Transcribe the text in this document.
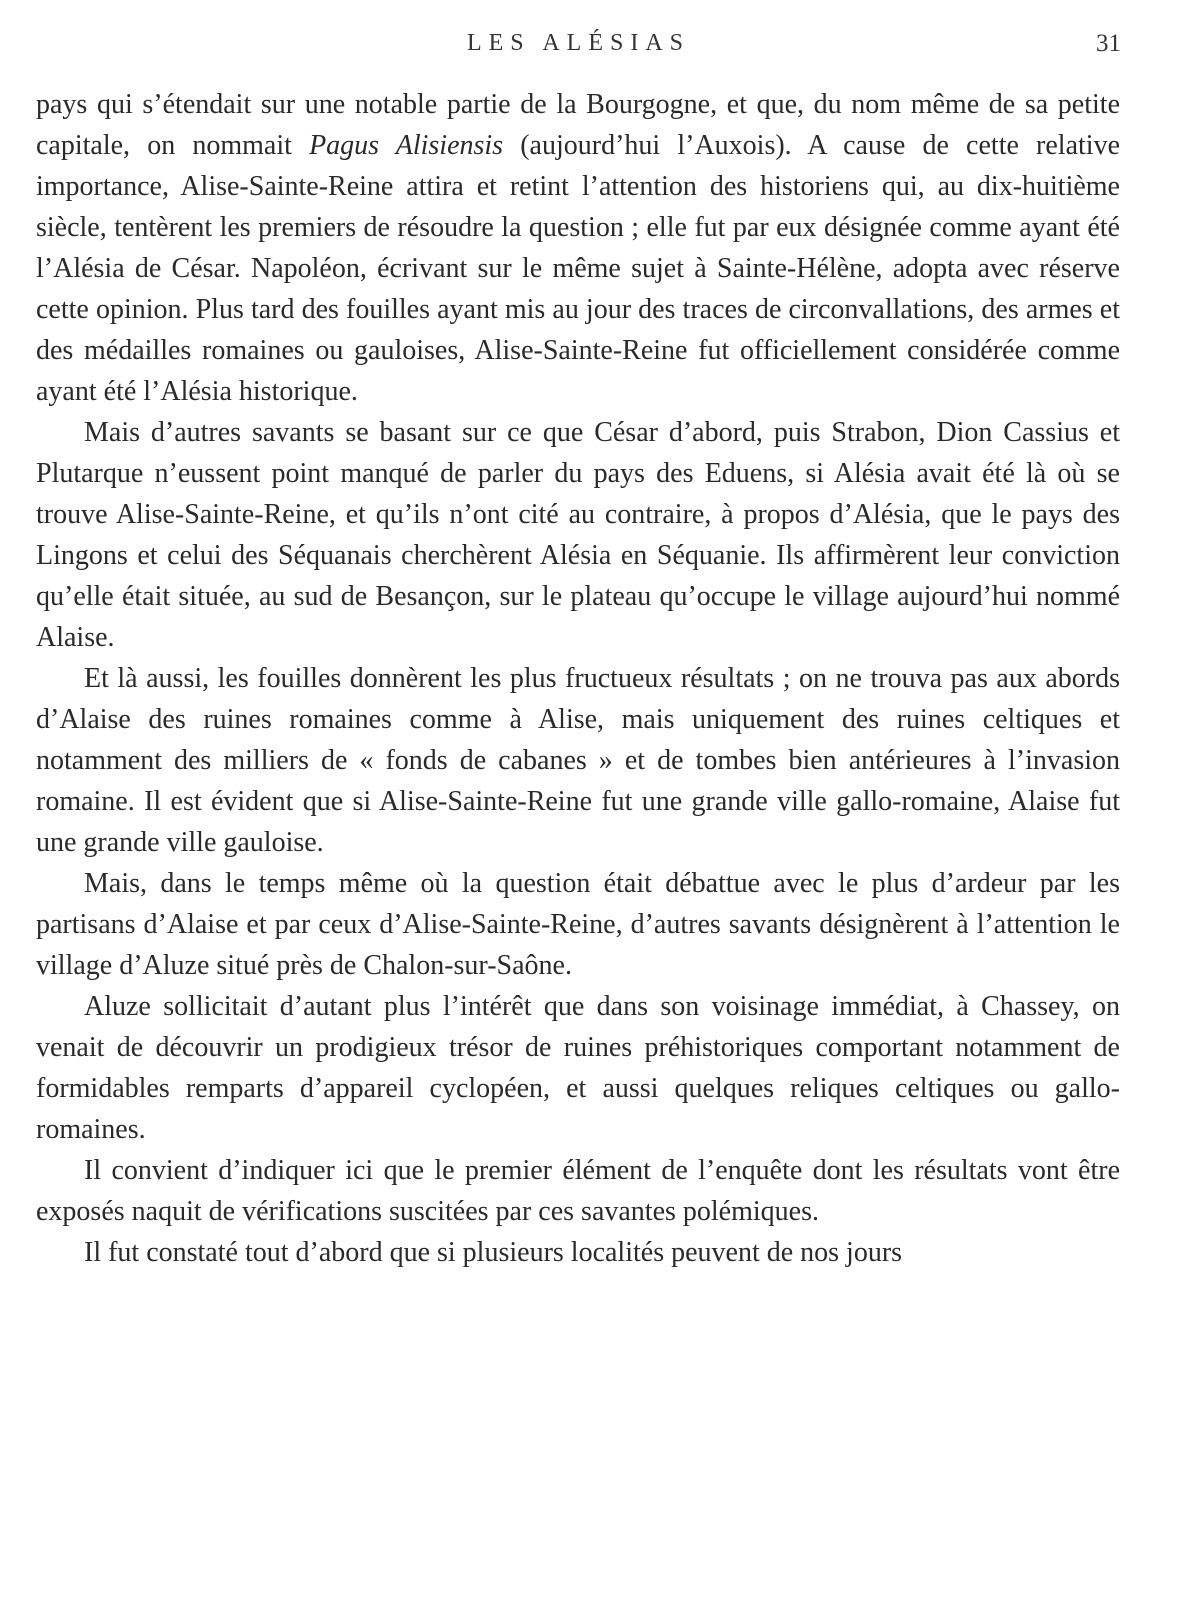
LES ALÉSIAS	31

pays qui s’étendait sur une notable partie de la Bourgogne, et que, du nom même de sa petite capitale, on nommait Pagus Alisiensis (aujourd’hui l’Auxois). A cause de cette relative importance, Alise-Sainte-Reine attira et retint l’attention des historiens qui, au dix-huitième siècle, tentèrent les premiers de résoudre la question ; elle fut par eux désignée comme ayant été l’Alésia de César. Napoléon, écrivant sur le même sujet à Sainte-Hélène, adopta avec réserve cette opinion. Plus tard des fouilles ayant mis au jour des traces de circonvallations, des armes et des médailles romaines ou gauloises, Alise-Sainte-Reine fut officiellement considérée comme ayant été l’Alésia historique.

Mais d’autres savants se basant sur ce que César d’abord, puis Strabon, Dion Cassius et Plutarque n’eussent point manqué de parler du pays des Eduens, si Alésia avait été là où se trouve Alise-Sainte-Reine, et qu’ils n’ont cité au contraire, à propos d’Alésia, que le pays des Lingons et celui des Séquanais cherchèrent Alésia en Séquanie. Ils affirmèrent leur conviction qu’elle était située, au sud de Besançon, sur le plateau qu’occupe le village aujourd’hui nommé Alaise.

Et là aussi, les fouilles donnèrent les plus fructueux résultats ; on ne trouva pas aux abords d’Alaise des ruines romaines comme à Alise, mais uniquement des ruines celtiques et notamment des milliers de « fonds de cabanes » et de tombes bien antérieures à l’invasion romaine. Il est évident que si Alise-Sainte-Reine fut une grande ville gallo-romaine, Alaise fut une grande ville gauloise.

Mais, dans le temps même où la question était débattue avec le plus d’ardeur par les partisans d’Alaise et par ceux d’Alise-Sainte-Reine, d’autres savants désignèrent à l’attention le village d’Aluze situé près de Chalon-sur-Saône.

Aluze sollicitait d’autant plus l’intérêt que dans son voisinage immédiat, à Chassey, on venait de découvrir un prodigieux trésor de ruines préhistoriques comportant notamment de formidables remparts d’appareil cyclopéen, et aussi quelques reliques celtiques ou gallo-romaines.

Il convient d’indiquer ici que le premier élément de l’enquête dont les résultats vont être exposés naquit de vérifications suscitées par ces savantes polémiques.

Il fut constaté tout d’abord que si plusieurs localités peuvent de nos jours
